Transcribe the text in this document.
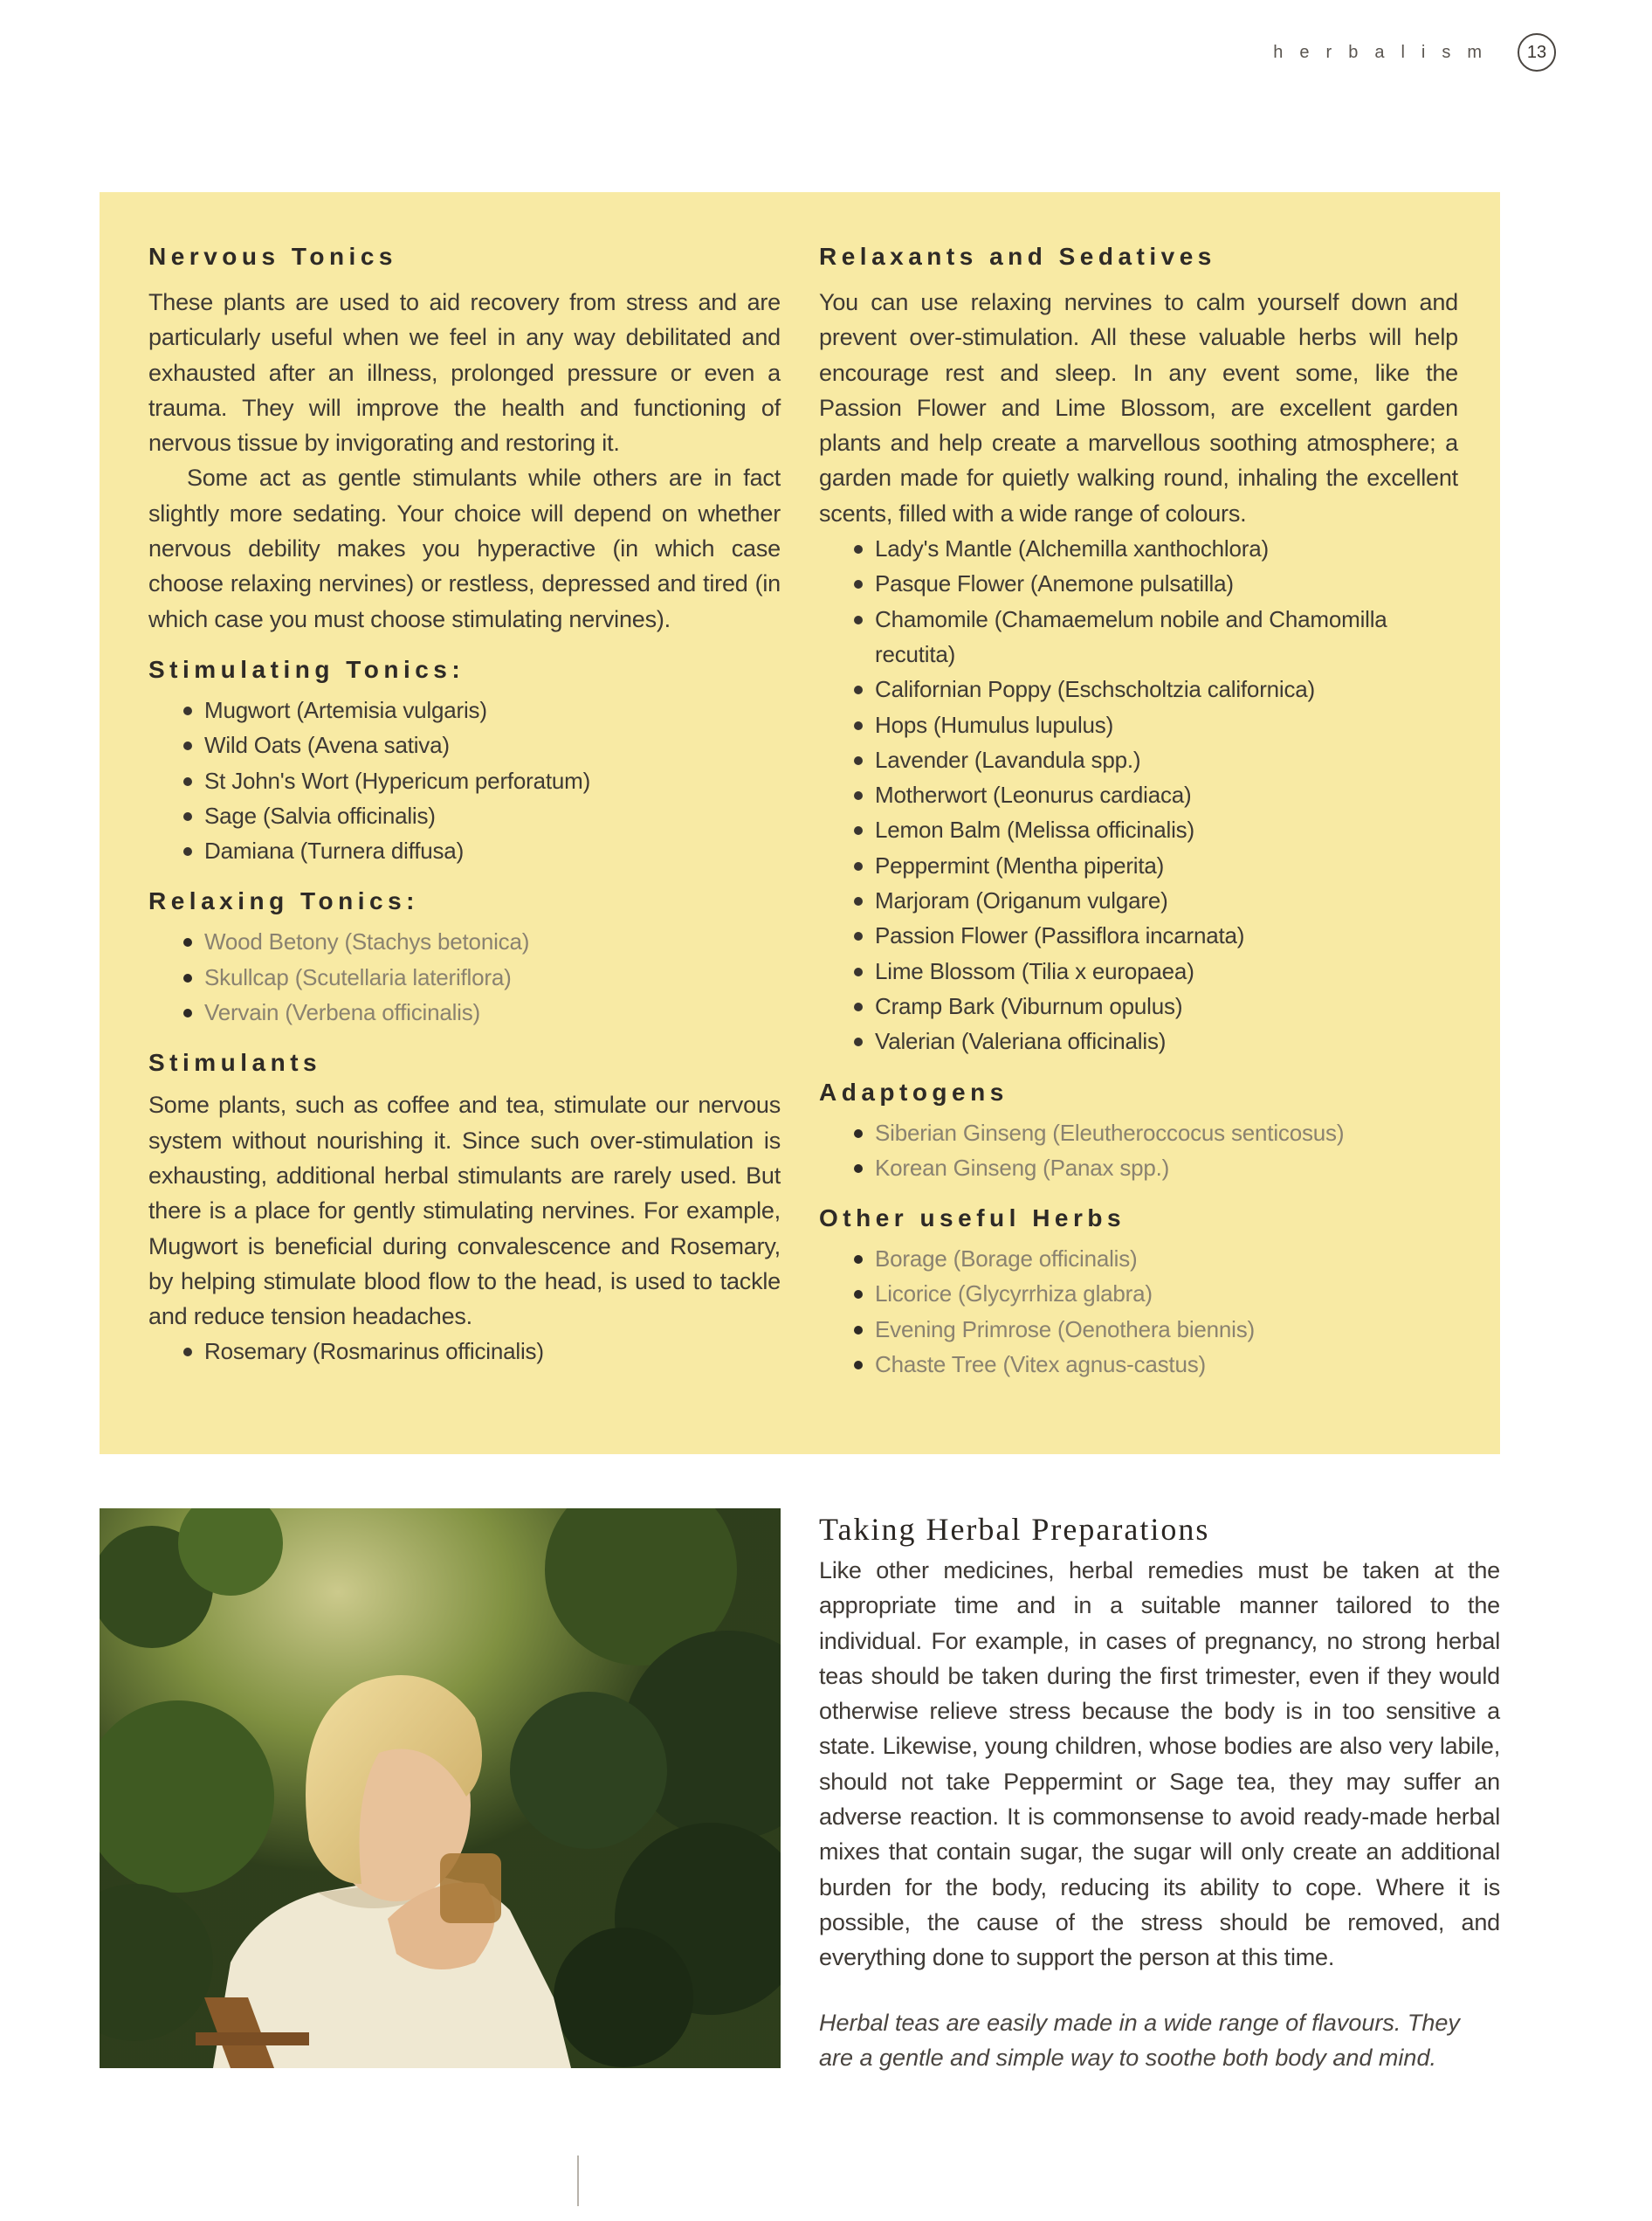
herbalism	13
Nervous Tonics

These plants are used to aid recovery from stress and are particularly useful when we feel in any way debilitated and exhausted after an illness, prolonged pressure or even a trauma. They will improve the health and functioning of nervous tissue by invigorating and restoring it.

Some act as gentle stimulants while others are in fact slightly more sedating. Your choice will depend on whether nervous debility makes you hyperactive (in which case choose relaxing nervines) or restless, depressed and tired (in which case you must choose stimulating nervines).

Stimulating Tonics:
Mugwort (Artemisia vulgaris)
Wild Oats (Avena sativa)
St John's Wort (Hypericum perforatum)
Sage (Salvia officinalis)
Damiana (Turnera diffusa)
Relaxing Tonics:
Wood Betony (Stachys betonica)
Skullcap (Scutellaria lateriflora)
Vervain (Verbena officinalis)
Stimulants

Some plants, such as coffee and tea, stimulate our nervous system without nourishing it. Since such over-stimulation is exhausting, additional herbal stimulants are rarely used. But there is a place for gently stimulating nervines. For example, Mugwort is beneficial during convalescence and Rosemary, by helping stimulate blood flow to the head, is used to tackle and reduce tension headaches.

Rosemary (Rosmarinus officinalis)
Relaxants and Sedatives

You can use relaxing nervines to calm yourself down and prevent over-stimulation. All these valuable herbs will help encourage rest and sleep. In any event some, like the Passion Flower and Lime Blossom, are excellent garden plants and help create a marvellous soothing atmosphere; a garden made for quietly walking round, inhaling the excellent scents, filled with a wide range of colours.

Lady's Mantle (Alchemilla xanthochlora)
Pasque Flower (Anemone pulsatilla)
Chamomile (Chamaemelum nobile and Chamomilla recutita)
Californian Poppy (Eschscholtzia californica)
Hops (Humulus lupulus)
Lavender (Lavandula spp.)
Motherwort (Leonurus cardiaca)
Lemon Balm (Melissa officinalis)
Peppermint (Mentha piperita)
Marjoram (Origanum vulgare)
Passion Flower (Passiflora incarnata)
Lime Blossom (Tilia x europaea)
Cramp Bark (Viburnum opulus)
Valerian (Valeriana officinalis)
Adaptogens
Siberian Ginseng (Eleutheroccocus senticosus)
Korean Ginseng (Panax spp.)
Other useful Herbs
Borage (Borage officinalis)
Licorice (Glycyrrhiza glabra)
Evening Primrose (Oenothera biennis)
Chaste Tree (Vitex agnus-castus)
Taking Herbal Preparations

Like other medicines, herbal remedies must be taken at the appropriate time and in a suitable manner tailored to the individual. For example, in cases of pregnancy, no strong herbal teas should be taken during the first trimester, even if they would otherwise relieve stress because the body is in too sensitive a state. Likewise, young children, whose bodies are also very labile, should not take Peppermint or Sage tea, they may suffer an adverse reaction. It is commonsense to avoid ready-made herbal mixes that contain sugar, the sugar will only create an additional burden for the body, reducing its ability to cope. Where it is possible, the cause of the stress should be removed, and everything done to support the person at this time.

Herbal teas are easily made in a wide range of flavours. They are a gentle and simple way to soothe both body and mind.
